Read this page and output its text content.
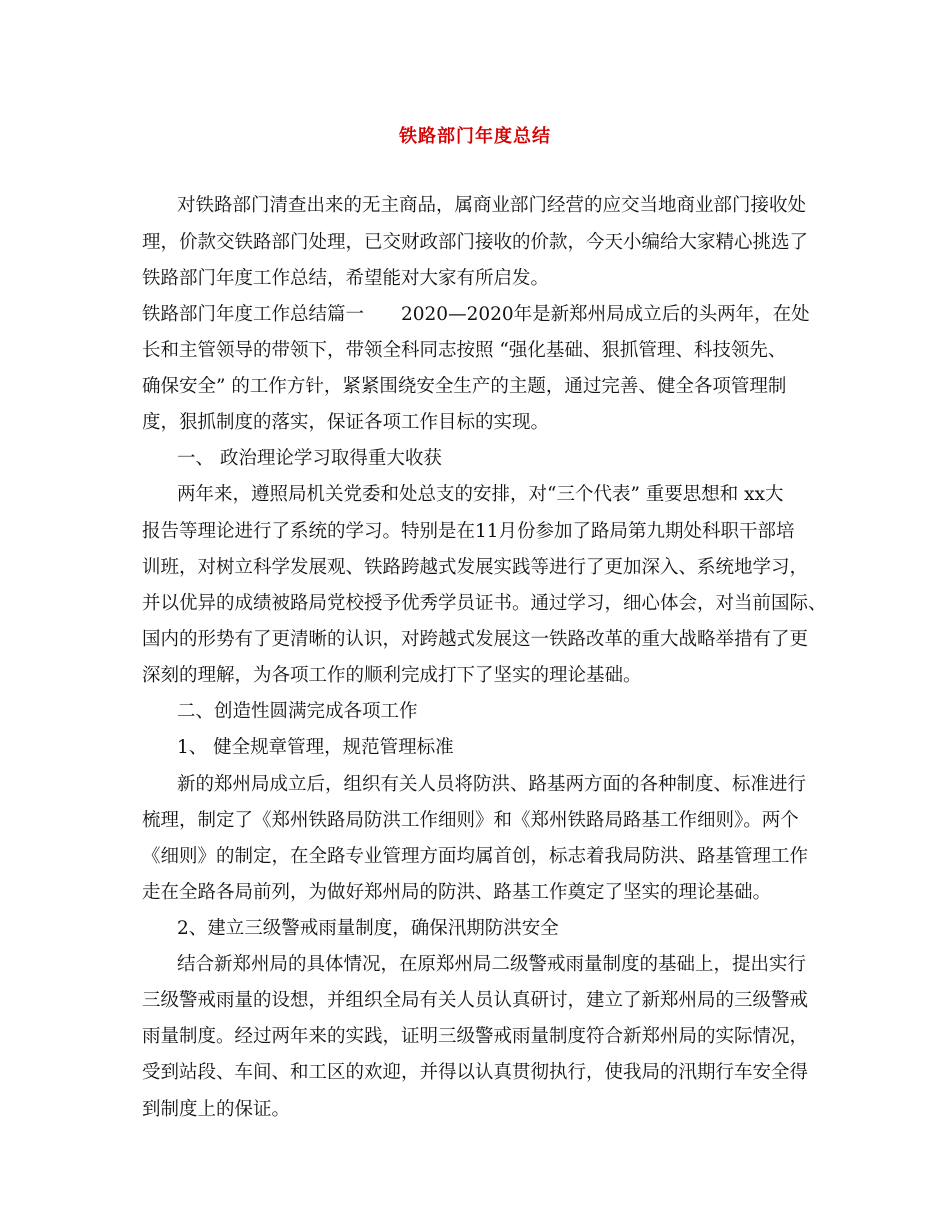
铁路部门年度总结
对铁路部门清查出来的无主商品，属商业部门经营的应交当地商业部门接收处
理，价款交铁路部门处理，已交财政部门接收的价款，今天小编给大家精心挑选了
铁路部门年度工作总结，希望能对大家有所启发。
铁路部门年度工作总结篇一　　2020—2020年是新郑州局成立后的头两年，在处
长和主管领导的带领下，带领全科同志按照 “强化基础、狠抓管理、科技领先、
确保安全” 的工作方针，紧紧围绕安全生产的主题，通过完善、健全各项管理制
度，狠抓制度的落实，保证各项工作目标的实现。
一、 政治理论学习取得重大收获
两年来，遵照局机关党委和处总支的安排，对“三个代表” 重要思想和 xx大
报告等理论进行了系统的学习。特别是在11月份参加了路局第九期处科职干部培
训班，对树立科学发展观、铁路跨越式发展实践等进行了更加深入、系统地学习，
并以优异的成绩被路局党校授予优秀学员证书。通过学习，细心体会，对当前国际、
国内的形势有了更清晰的认识，对跨越式发展这一铁路改革的重大战略举措有了更
深刻的理解，为各项工作的顺利完成打下了坚实的理论基础。
二、创造性圆满完成各项工作
1、 健全规章管理，规范管理标准
新的郑州局成立后，组织有关人员将防洪、路基两方面的各种制度、标准进行
梳理，制定了《郑州铁路局防洪工作细则》和《郑州铁路局路基工作细则》。两个
《细则》的制定，在全路专业管理方面均属首创，标志着我局防洪、路基管理工作
走在全路各局前列，为做好郑州局的防洪、路基工作奠定了坚实的理论基础。
2、建立三级警戒雨量制度，确保汛期防洪安全
结合新郑州局的具体情况，在原郑州局二级警戒雨量制度的基础上，提出实行
三级警戒雨量的设想，并组织全局有关人员认真研讨，建立了新郑州局的三级警戒
雨量制度。经过两年来的实践，证明三级警戒雨量制度符合新郑州局的实际情况，
受到站段、车间、和工区的欢迎，并得以认真贯彻执行，使我局的汛期行车安全得
到制度上的保证。
